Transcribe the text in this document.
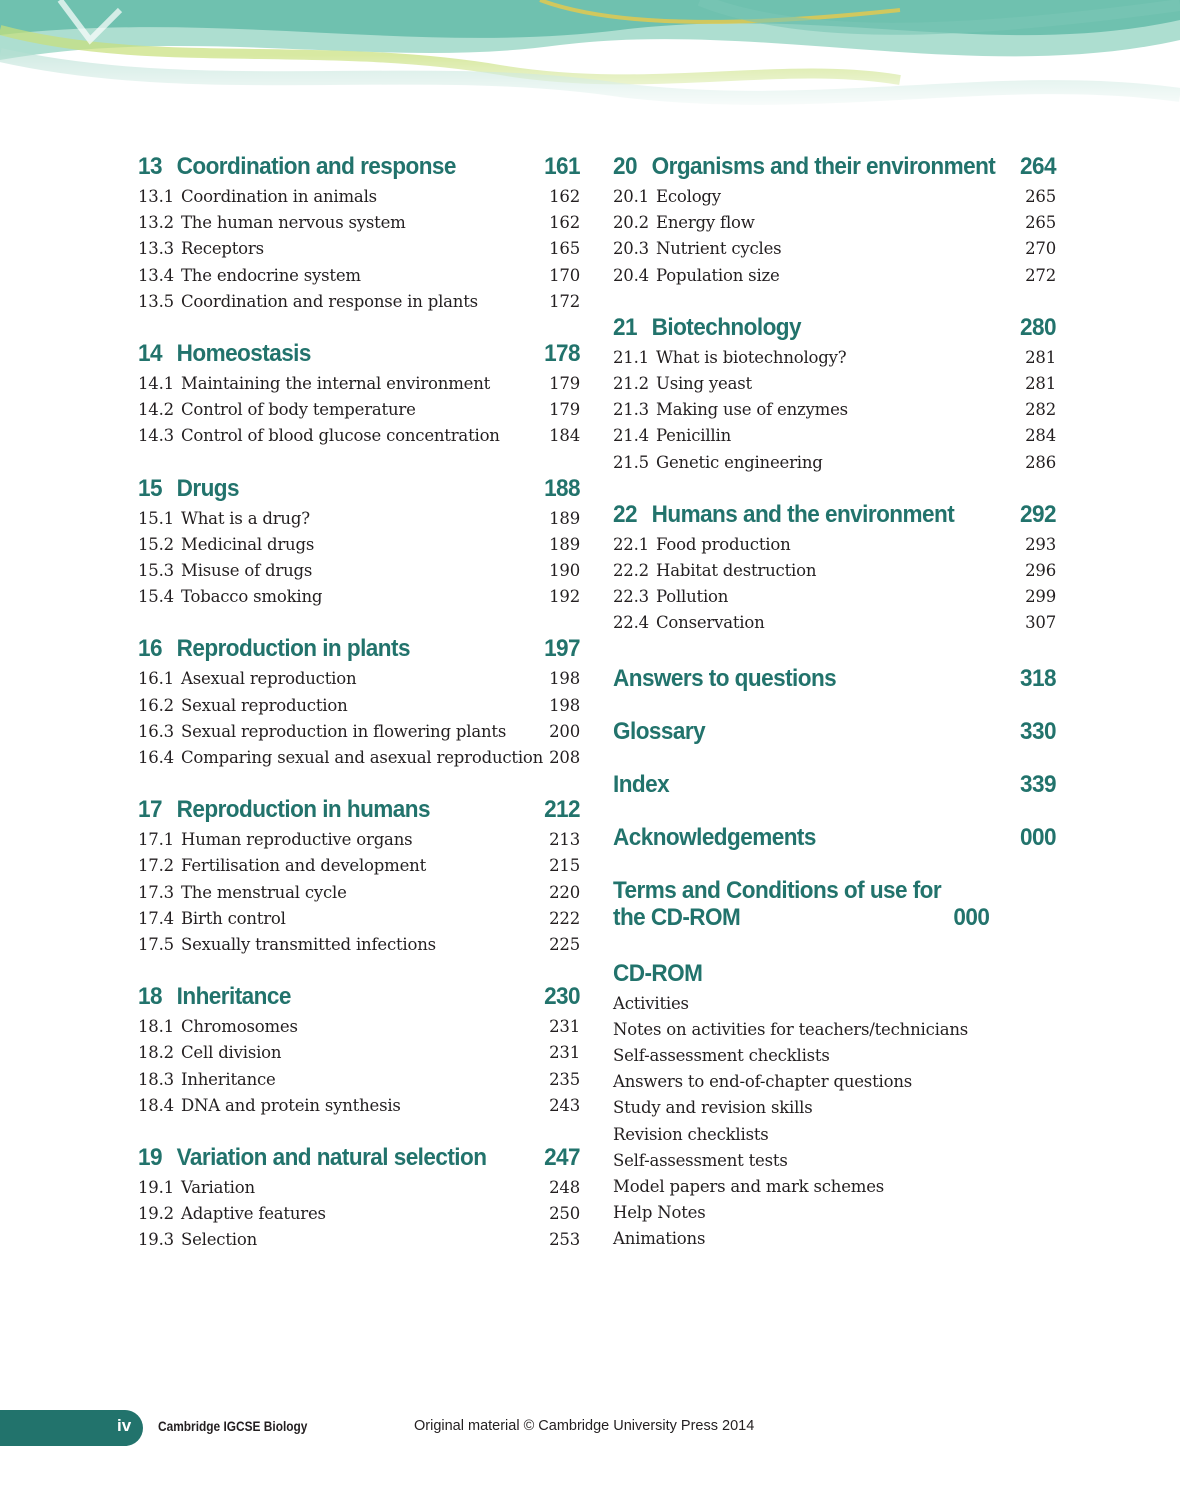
13 Coordination and response	161
13.1 Coordination in animals	162
13.2 The human nervous system	162
13.3 Receptors	165
13.4 The endocrine system	170
13.5 Coordination and response in plants	172
14 Homeostasis	178
14.1 Maintaining the internal environment	179
14.2 Control of body temperature	179
14.3 Control of blood glucose concentration	184
15 Drugs	188
15.1 What is a drug?	189
15.2 Medicinal drugs	189
15.3 Misuse of drugs	190
15.4 Tobacco smoking	192
16 Reproduction in plants	197
16.1 Asexual reproduction	198
16.2 Sexual reproduction	198
16.3 Sexual reproduction in flowering plants	200
16.4 Comparing sexual and asexual reproduction 208
17 Reproduction in humans	212
17.1 Human reproductive organs	213
17.2 Fertilisation and development	215
17.3 The menstrual cycle	220
17.4 Birth control	222
17.5 Sexually transmitted infections	225
18 Inheritance	230
18.1 Chromosomes	231
18.2 Cell division	231
18.3 Inheritance	235
18.4 DNA and protein synthesis	243
19 Variation and natural selection	247
19.1 Variation	248
19.2 Adaptive features	250
19.3 Selection	253
20 Organisms and their environment	264
20.1 Ecology	265
20.2 Energy flow	265
20.3 Nutrient cycles	270
20.4 Population size	272
21 Biotechnology	280
21.1 What is biotechnology?	281
21.2 Using yeast	281
21.3 Making use of enzymes	282
21.4 Penicillin	284
21.5 Genetic engineering	286
22 Humans and the environment	292
22.1 Food production	293
22.2 Habitat destruction	296
22.3 Pollution	299
22.4 Conservation	307
Answers to questions	318
Glossary	330
Index	339
Acknowledgements	000
Terms and Conditions of use for the CD-ROM	000
CD-ROM
Activities
Notes on activities for teachers/technicians
Self-assessment checklists
Answers to end-of-chapter questions
Study and revision skills
Revision checklists
Self-assessment tests
Model papers and mark schemes
Help Notes
Animations
iv Cambridge IGCSE Biology	Original material © Cambridge University Press 2014
